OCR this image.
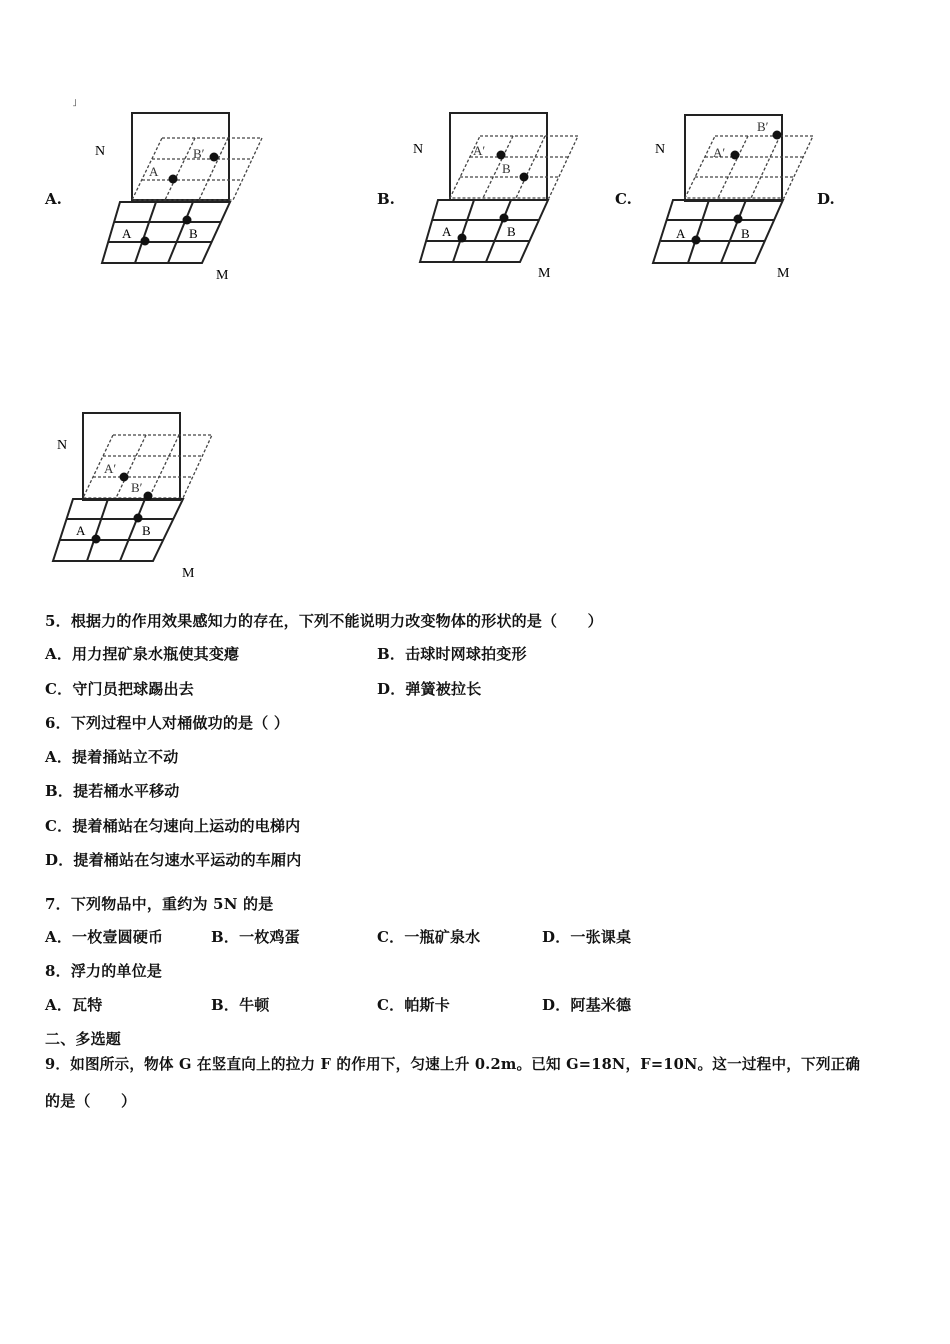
˩
A.	B.	C.	D.
N
A
B′
A	B
M
N	A′
B
A	B
M
N	A′
B′
A	B
M
N
A′
B′
A	B
M
5．根据力的作用效果感知力的存在，下列不能说明力改变物体的形状的是（　　）
A．用力捏矿泉水瓶使其变瘪	B．击球时网球拍变形
C．守门员把球踢出去	D．弹簧被拉长
6．下列过程中人对桶做功的是（ ）
A．提着捅站立不动
B．提若桶水平移动
C．提着桶站在匀速向上运动的电梯内
D．提着桶站在匀速水平运动的车厢内
7．下列物品中，重约为 5N 的是
A．一枚壹圆硬币	B．一枚鸡蛋	C．一瓶矿泉水	D．一张课桌
8．浮力的单位是
A．瓦特	B．牛顿	C．帕斯卡	D．阿基米德
二、多选题
9．如图所示，物体 G 在竖直向上的拉力 F 的作用下，匀速上升 0.2m。已知 G=18N，F=10N。这一过程中，下列正确
的是（　　）
